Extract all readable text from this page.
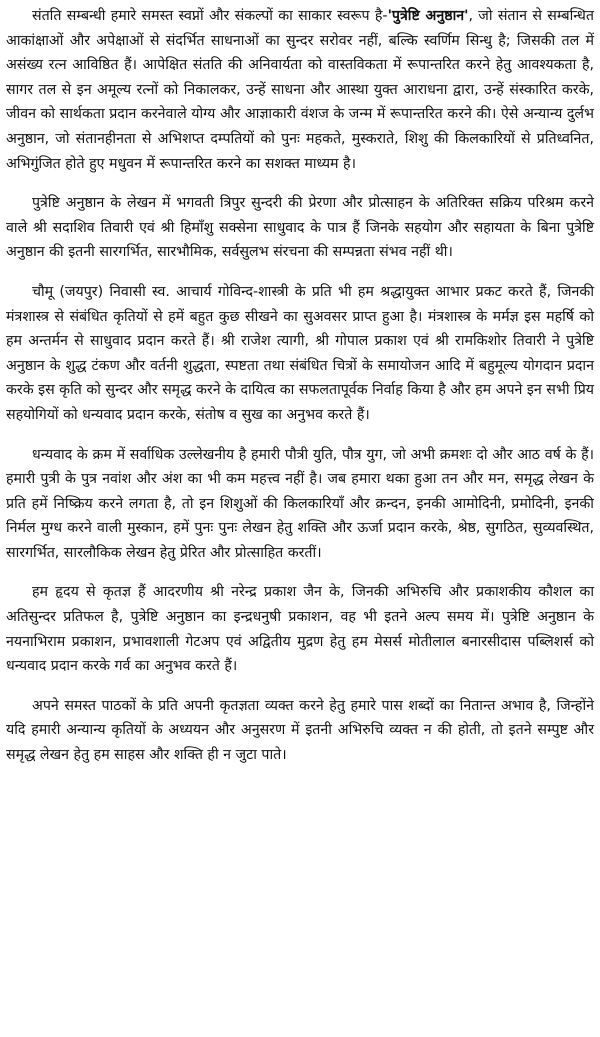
संतति सम्बन्धी हमारे समस्त स्वप्नों और संकल्पों का साकार स्वरूप है-'पुत्रेष्टि अनुष्ठान', जो संतान से सम्बन्धित आकांक्षाओं और अपेक्षाओं से संदर्भित साधनाओं का सुन्दर सरोवर नहीं, बल्कि स्वर्णिम सिन्धु है; जिसकी तल में असंख्य रत्न आविष्ठित हैं। आपेक्षित संतति की अनिवार्यता को वास्तविकता में रूपान्तरित करने हेतु आवश्यकता है, सागर तल से इन अमूल्य रत्नों को निकालकर, उन्हें साधना और आस्था युक्त आराधना द्वारा, उन्हें संस्कारित करके, जीवन को सार्थकता प्रदान करनेवाले योग्य और आज्ञाकारी वंशज के जन्म में रूपान्तरित करने की। ऐसे अन्यान्य दुर्लभ अनुष्ठान, जो संतानहीनता से अभिशप्त दम्पतियों को पुनः महकते, मुस्कराते, शिशु की किलकारियों से प्रतिध्वनित, अभिगुंजित होते हुए मधुवन में रूपान्तरित करने का सशक्त माध्यम है।

पुत्रेष्टि अनुष्ठान के लेखन में भगवती त्रिपुर सुन्दरी की प्रेरणा और प्रोत्साहन के अतिरिक्त सक्रिय परिश्रम करने वाले श्री सदाशिव तिवारी एवं श्री हिमाँशु सक्सेना साधुवाद के पात्र हैं जिनके सहयोग और सहायता के बिना पुत्रेष्टि अनुष्ठान की इतनी सारगर्भित, सारभौमिक, सर्वसुलभ संरचना की सम्पन्नता संभव नहीं थी।

चौमू (जयपुर) निवासी स्व. आचार्य गोविन्द-शास्त्री के प्रति भी हम श्रद्धायुक्त आभार प्रकट करते हैं, जिनकी मंत्रशास्त्र से संबंधित कृतियों से हमें बहुत कुछ सीखने का सुअवसर प्राप्त हुआ है। मंत्रशास्त्र के मर्मज्ञ इस महर्षि को हम अन्तर्मन से साधुवाद प्रदान करते हैं। श्री राजेश त्यागी, श्री गोपाल प्रकाश एवं श्री रामकिशोर तिवारी ने पुत्रेष्टि अनुष्ठान के शुद्ध टंकण और वर्तनी शुद्धता, स्पष्टता तथा संबंधित चित्रों के समायोजन आदि में बहुमूल्य योगदान प्रदान करके इस कृति को सुन्दर और समृद्ध करने के दायित्व का सफलतापूर्वक निर्वाह किया है और हम अपने इन सभी प्रिय सहयोगियों को धन्यवाद प्रदान करके, संतोष व सुख का अनुभव करते हैं।

धन्यवाद के क्रम में सर्वाधिक उल्लेखनीय है हमारी पौत्री युति, पौत्र युग, जो अभी क्रमशः दो और आठ वर्ष के हैं। हमारी पुत्री के पुत्र नवांश और अंश का भी कम महत्त्व नहीं है। जब हमारा थका हुआ तन और मन, समृद्ध लेखन के प्रति हमें निष्क्रिय करने लगता है, तो इन शिशुओं की किलकारियाँ और क्रन्दन, इनकी आमोदिनी, प्रमोदिनी, इनकी निर्मल मुग्ध करने वाली मुस्कान, हमें पुनः पुनः लेखन हेतु शक्ति और ऊर्जा प्रदान करके, श्रेष्ठ, सुगठित, सुव्यवस्थित, सारगर्भित, सारलौकिक लेखन हेतु प्रेरित और प्रोत्साहित करतीं।

हम हृदय से कृतज्ञ हैं आदरणीय श्री नरेन्द्र प्रकाश जैन के, जिनकी अभिरुचि और प्रकाशकीय कौशल का अतिसुन्दर प्रतिफल है, पुत्रेष्टि अनुष्ठान का इन्द्रधनुषी प्रकाशन, वह भी इतने अल्प समय में। पुत्रेष्टि अनुष्ठान के नयनाभिराम प्रकाशन, प्रभावशाली गेटअप एवं अद्वितीय मुद्रण हेतु हम मेसर्स मोतीलाल बनारसीदास पब्लिशर्स को धन्यवाद प्रदान करके गर्व का अनुभव करते हैं।

अपने समस्त पाठकों के प्रति अपनी कृतज्ञता व्यक्त करने हेतु हमारे पास शब्दों का नितान्त अभाव है, जिन्होंने यदि हमारी अन्यान्य कृतियों के अध्ययन और अनुसरण में इतनी अभिरुचि व्यक्त न की होती, तो इतने सम्पुष्ट और समृद्ध लेखन हेतु हम साहस और शक्ति ही न जुटा पाते।
